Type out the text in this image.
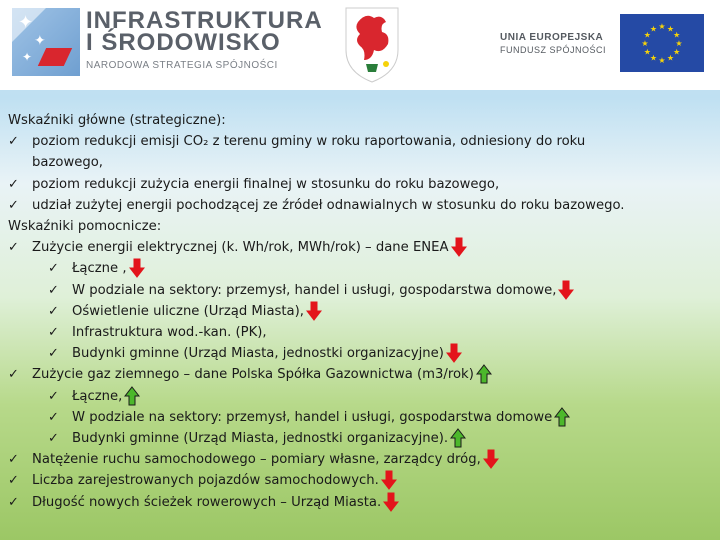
✦
✦
✦
INFRASTRUKTURA
I ŚRODOWISKO
NARODOWA STRATEGIA SPÓJNOŚCI
UNIA EUROPEJSKA
FUNDUSZ SPÓJNOŚCI
★ ★
★
★
★
★
★
★
★
★
★
★
Wskaźniki główne (strategiczne):
✓ poziom redukcji emisji CO₂ z terenu gminy w roku raportowania, odniesiony do roku
bazowego,
✓ poziom redukcji zużycia energii finalnej w stosunku do roku bazowego,
✓ udział zużytej energii pochodzącej ze źródeł odnawialnych w stosunku do roku bazowego.
Wskaźniki pomocnicze:
✓ Zużycie energii elektrycznej (k. Wh/rok, MWh/rok) – dane ENEA
✓ Łączne ,
✓ W podziale na sektory: przemysł, handel i usługi, gospodarstwa domowe,
✓ Oświetlenie uliczne (Urząd Miasta),
✓ Infrastruktura wod.-kan. (PK),
✓ Budynki gminne (Urząd Miasta, jednostki organizacyjne)
✓ Zużycie gaz ziemnego – dane Polska Spółka Gazownictwa (m3/rok)
✓ Łączne,
✓ W podziale na sektory: przemysł, handel i usługi, gospodarstwa domowe
✓ Budynki gminne (Urząd Miasta, jednostki organizacyjne).
✓ Natężenie ruchu samochodowego – pomiary własne, zarządcy dróg,
✓ Liczba zarejestrowanych pojazdów samochodowych.
✓ Długość nowych ścieżek rowerowych – Urząd Miasta.
